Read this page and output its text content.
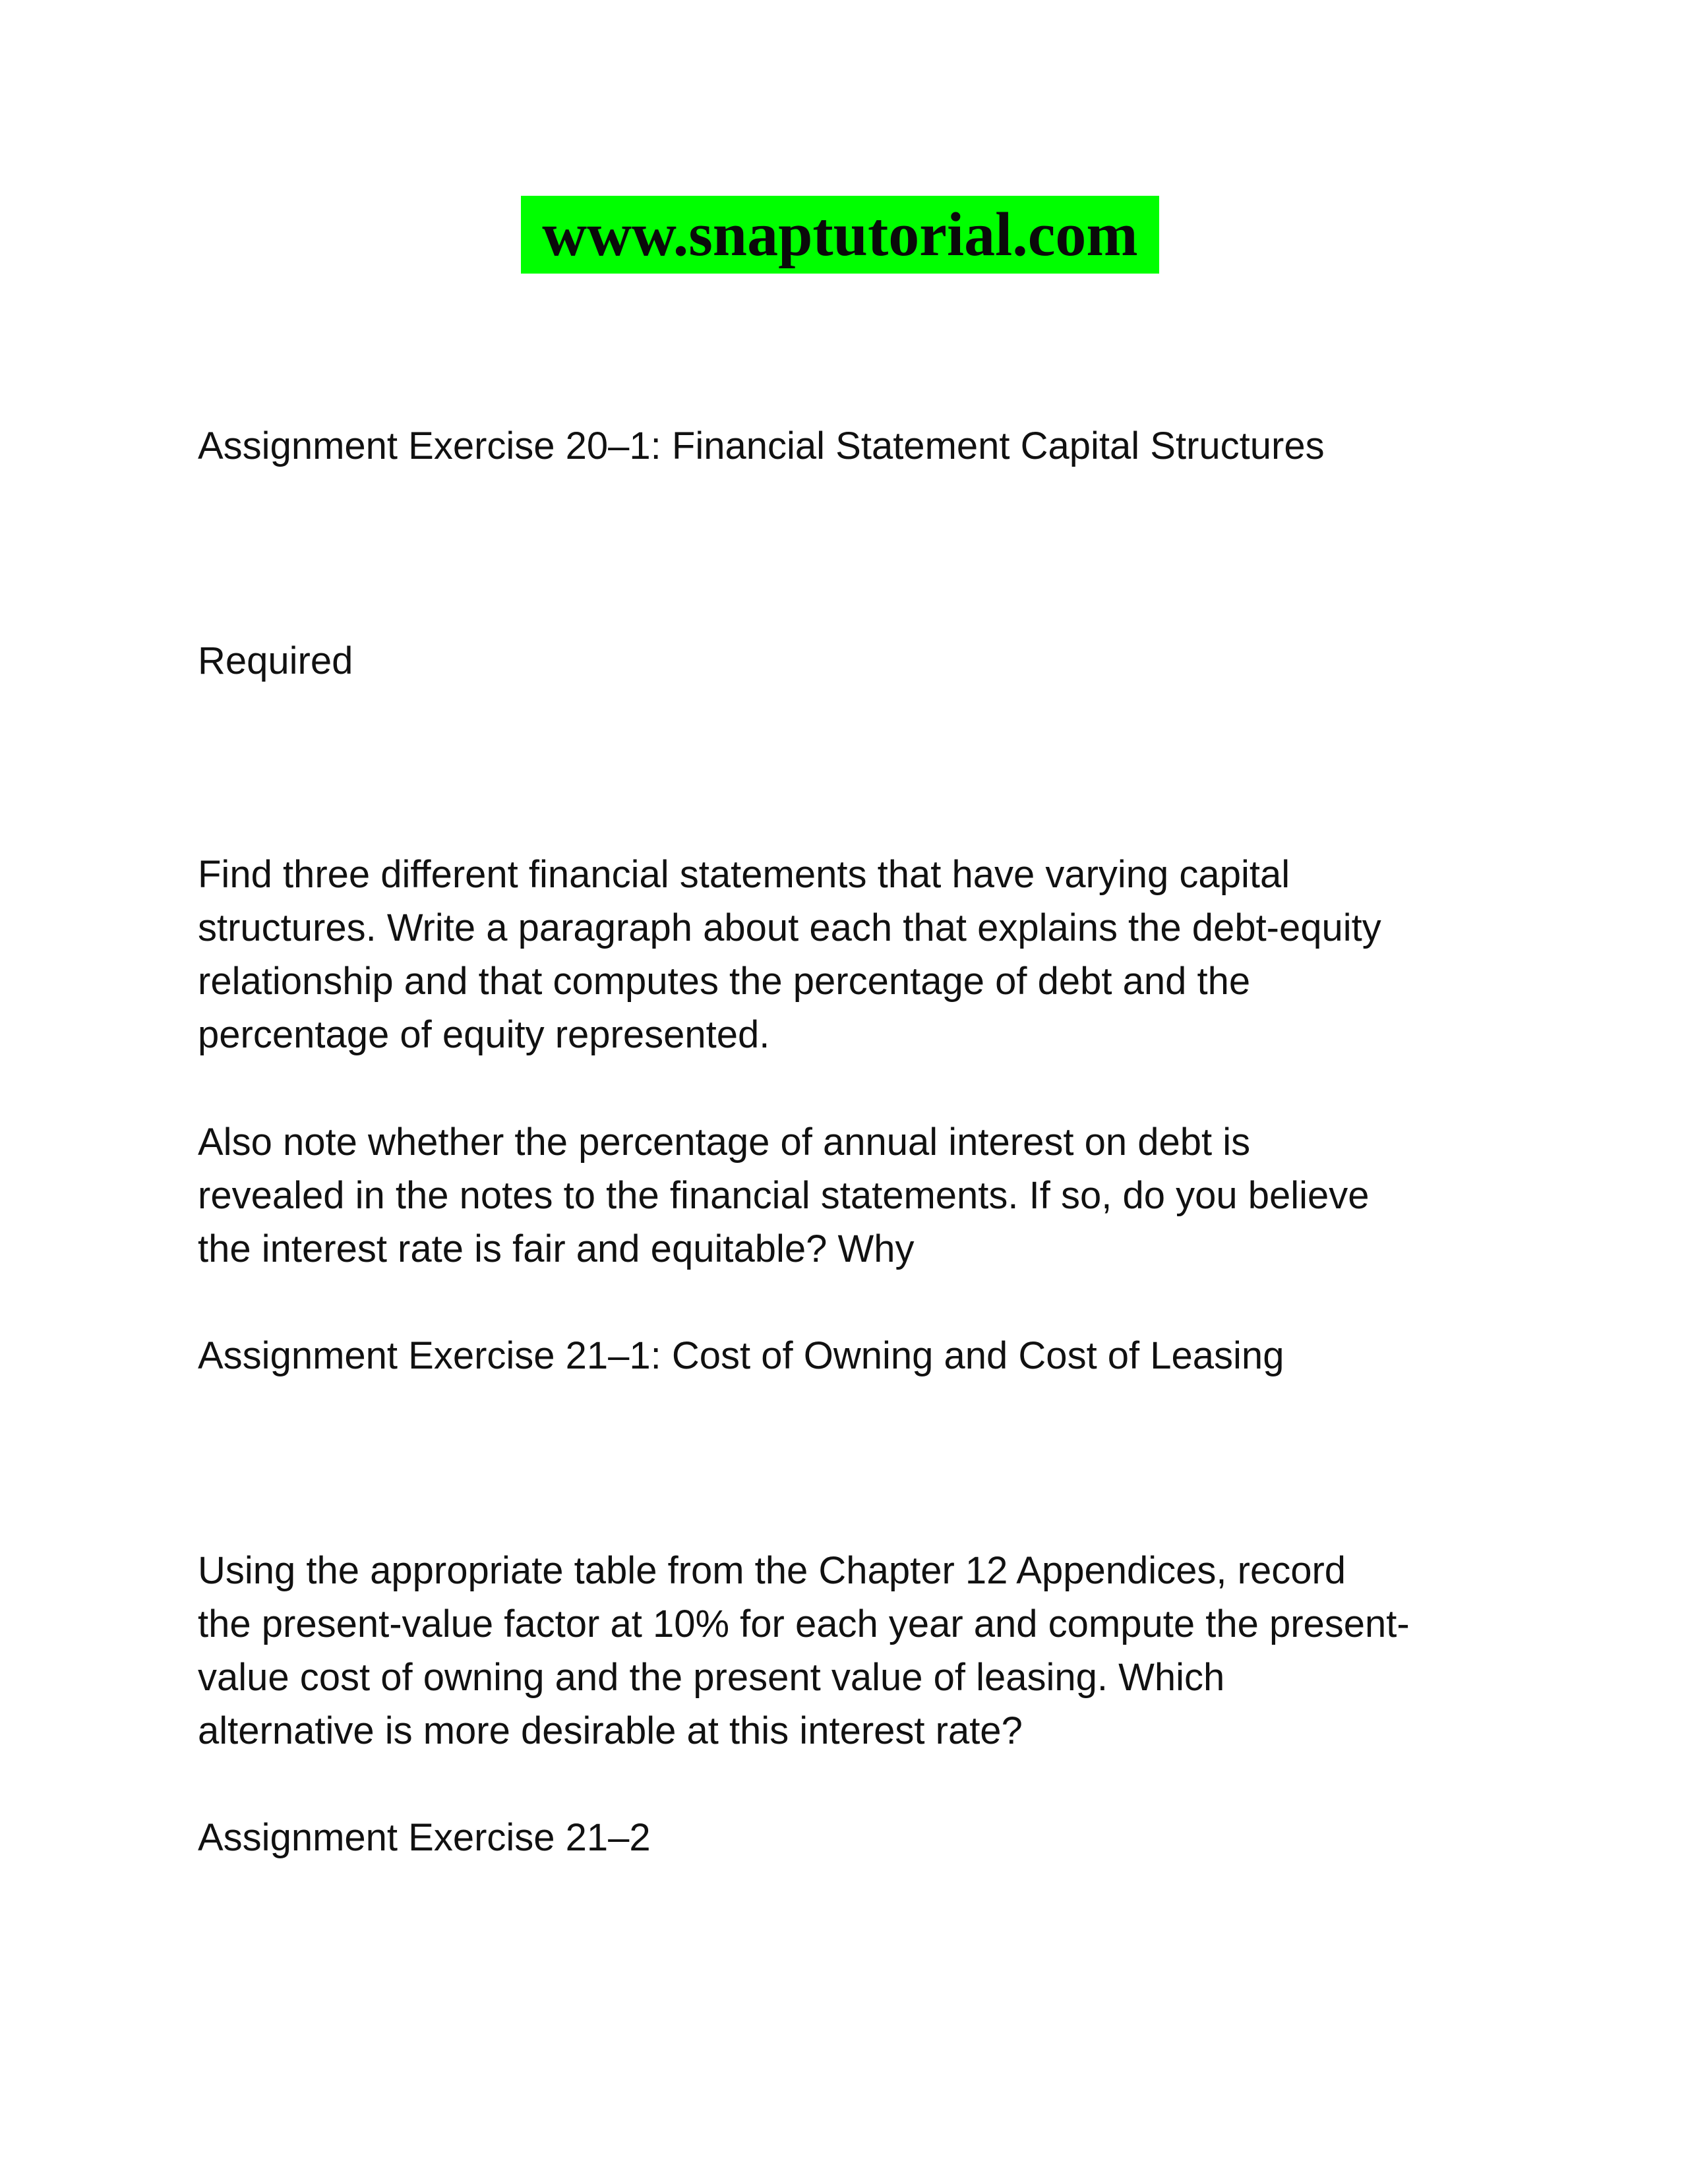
www.snaptutorial.com

Assignment Exercise 20–1: Financial Statement Capital Structures

Required

Find three different financial statements that have varying capital
structures. Write a paragraph about each that explains the debt-equity
relationship and that computes the percentage of debt and the
percentage of equity represented.

Also note whether the percentage of annual interest on debt is
revealed in the notes to the financial statements. If so, do you believe
the interest rate is fair and equitable? Why

Assignment Exercise 21–1: Cost of Owning and Cost of Leasing

Using the appropriate table from the Chapter 12 Appendices, record
the present-value factor at 10% for each year and compute the present-
value cost of owning and the present value of leasing. Which
alternative is more desirable at this interest rate?

Assignment Exercise 21–2
